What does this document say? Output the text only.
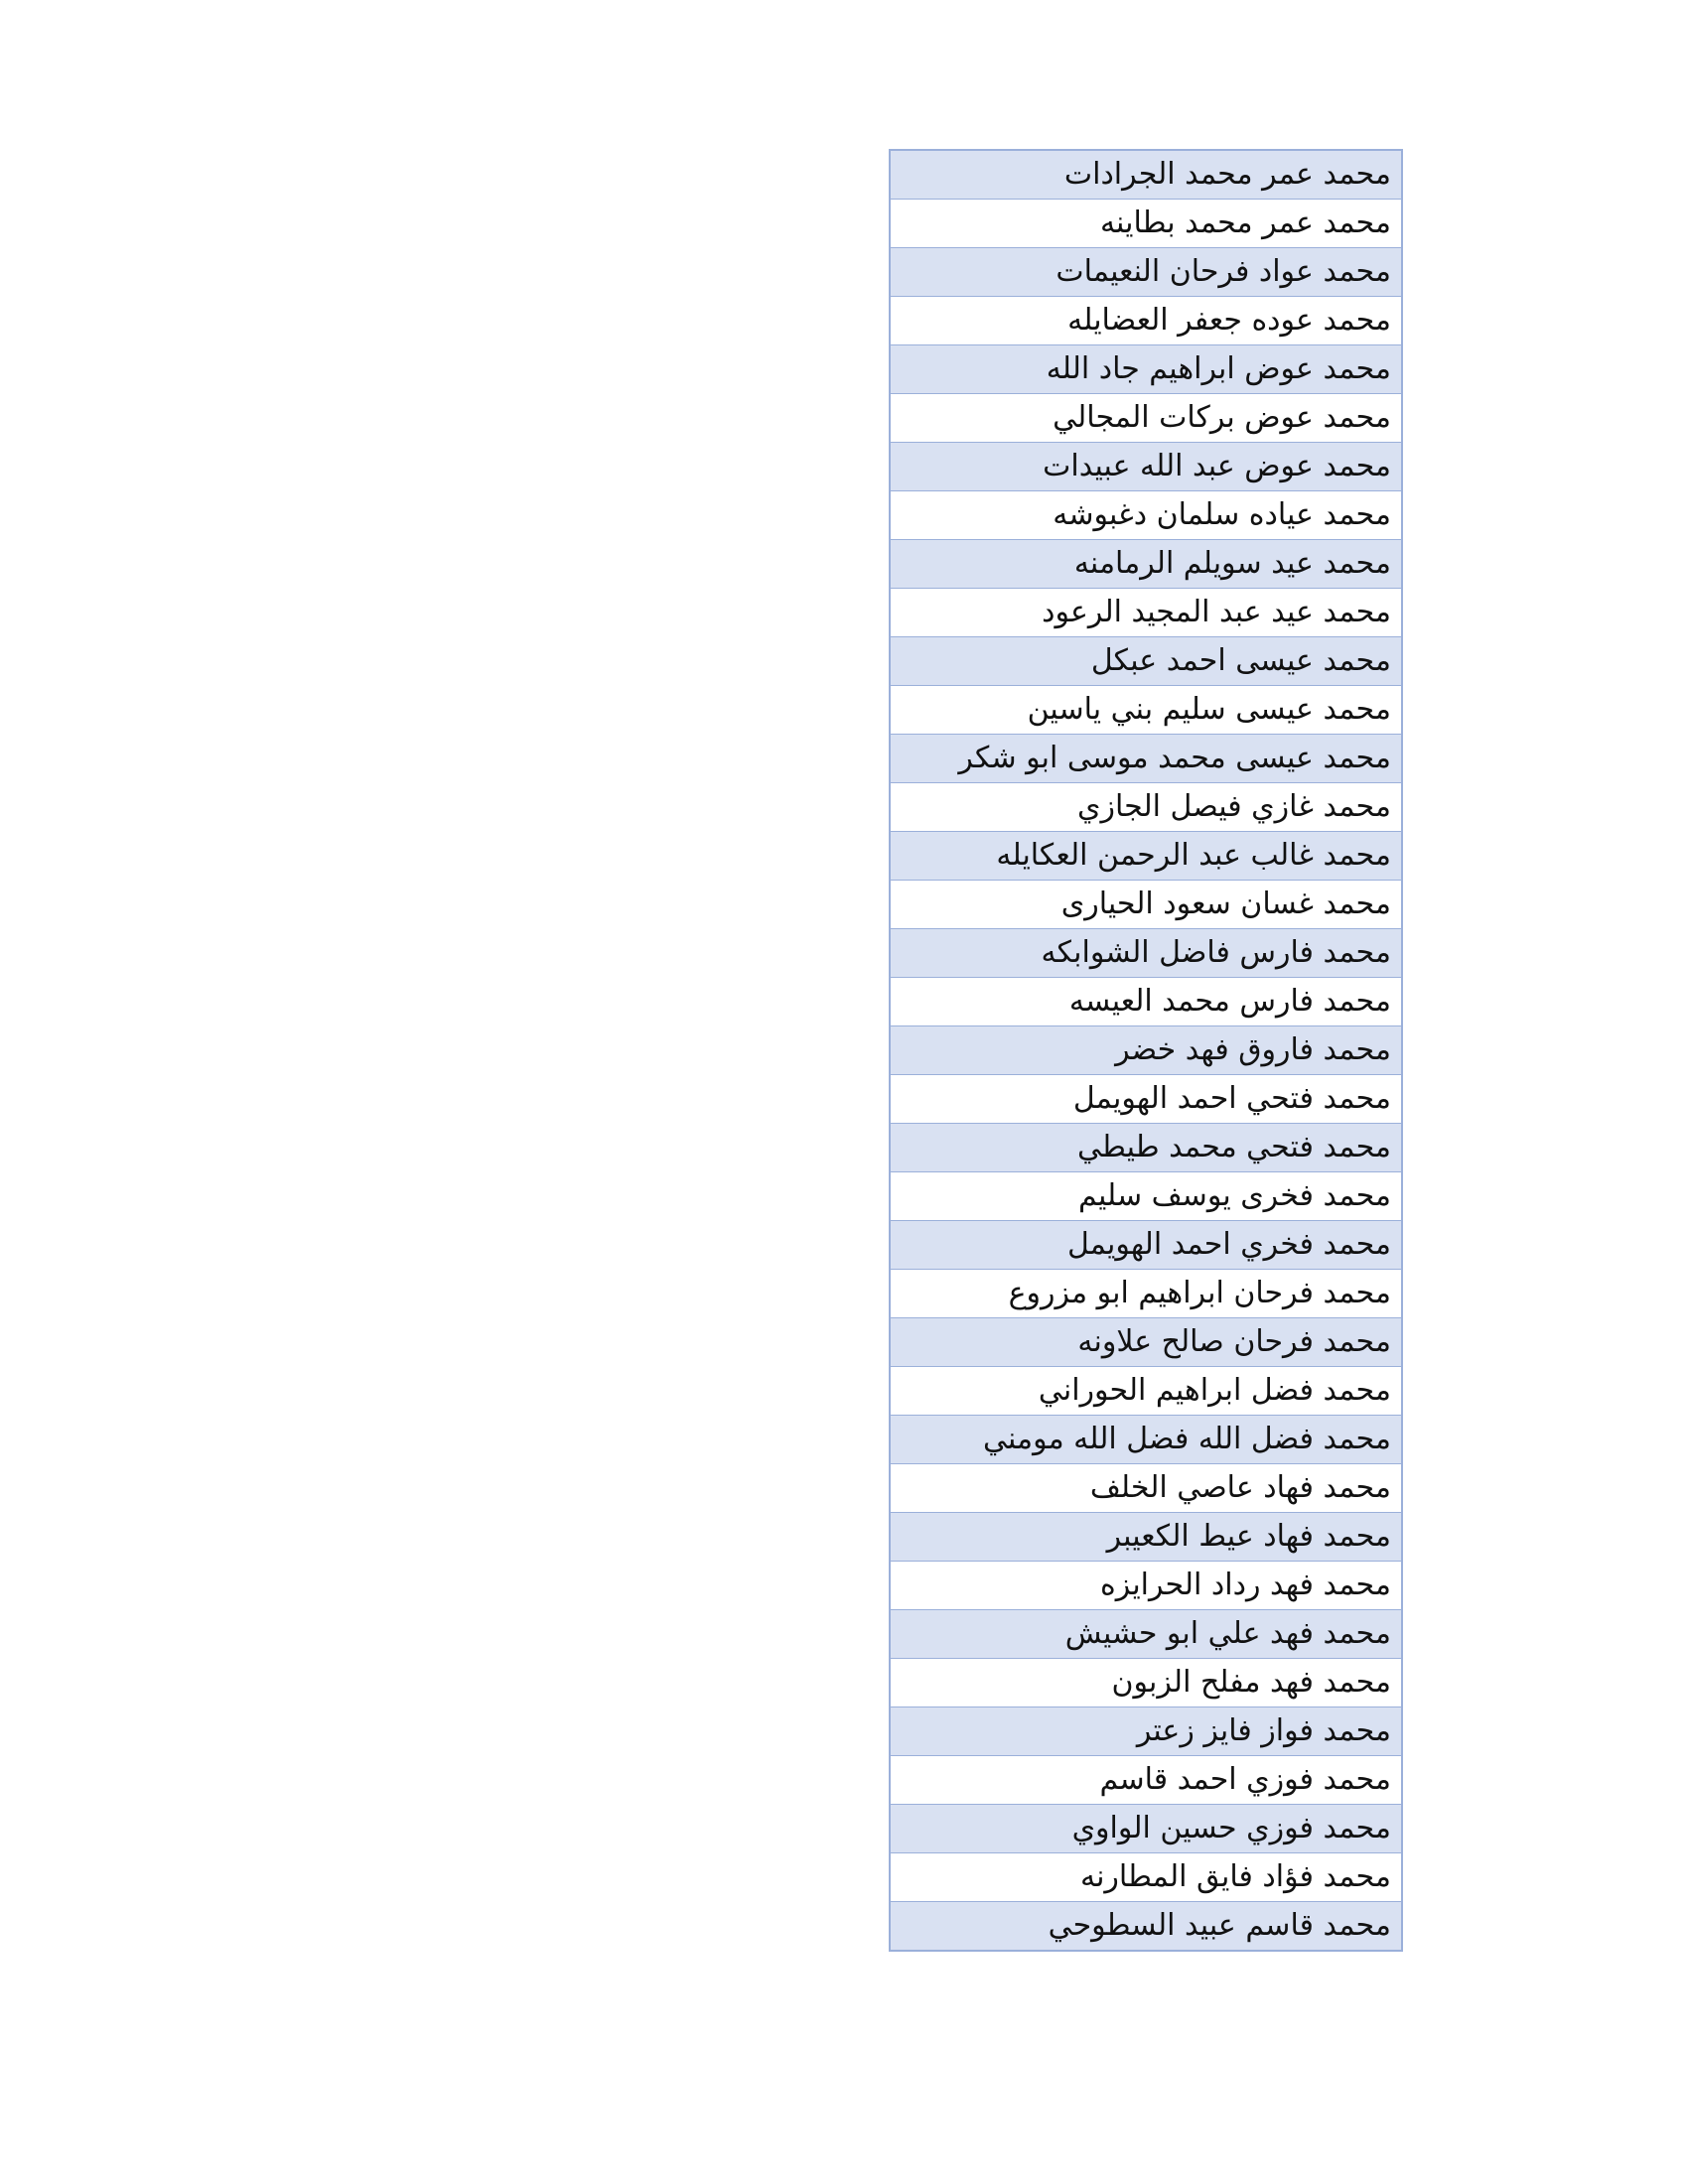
محمد عمر محمد الجرادات
محمد عمر محمد بطاينه
محمد عواد فرحان النعيمات
محمد عوده جعفر العضايله
محمد عوض ابراهيم جاد الله
محمد عوض بركات المجالي
محمد عوض عبد الله عبيدات
محمد عياده سلمان دغبوشه
محمد عيد سويلم الرمامنه
محمد عيد عبد المجيد الرعود
محمد عيسى احمد عبكل
محمد عيسى سليم بني ياسين
محمد عيسى محمد موسى ابو شكر
محمد غازي فيصل الجازي
محمد غالب عبد الرحمن العكايله
محمد غسان سعود الحيارى
محمد فارس فاضل الشوابكه
محمد فارس محمد العيسه
محمد فاروق فهد خضر
محمد فتحي احمد الهويمل
محمد فتحي محمد طيطي
محمد فخرى يوسف سليم
محمد فخري احمد الهويمل
محمد فرحان ابراهيم ابو مزروع
محمد فرحان صالح علاونه
محمد فضل ابراهيم الحوراني
محمد فضل الله فضل الله مومني
محمد فهاد عاصي الخلف
محمد فهاد عيط الكعيبر
محمد فهد رداد الحرايزه
محمد فهد علي ابو حشيش
محمد فهد مفلح الزبون
محمد فواز فايز زعتر
محمد فوزي احمد قاسم
محمد فوزي حسين الواوي
محمد فؤاد فايق المطارنه
محمد قاسم عبيد السطوحي
